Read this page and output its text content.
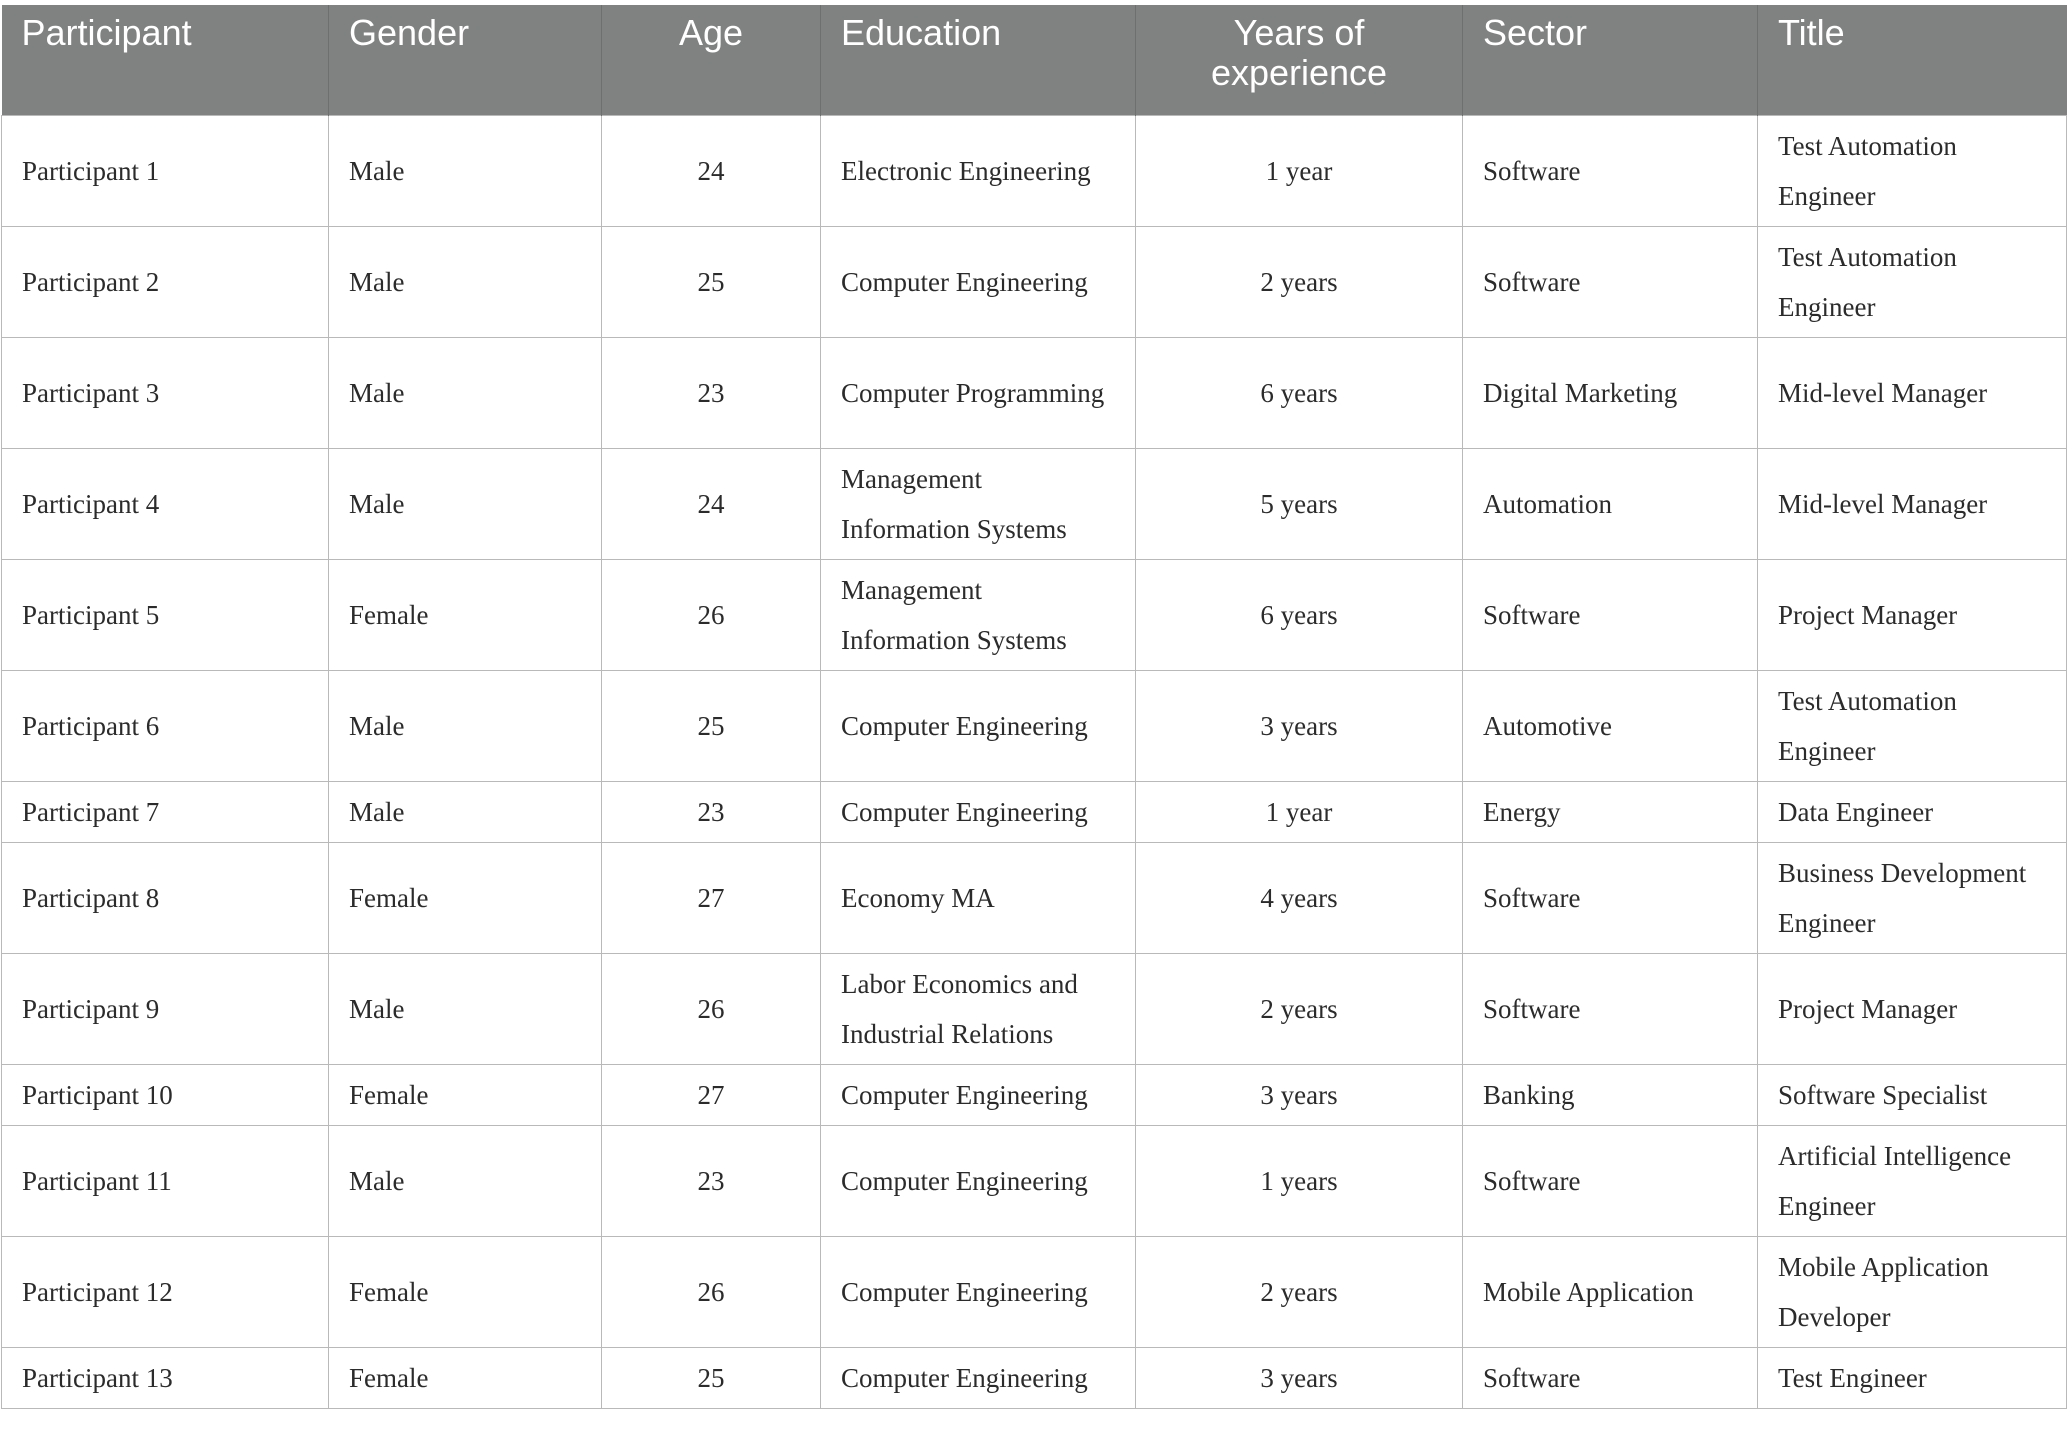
Participant	Gender	Age	Education	Years of experience	Sector	Title
Participant 1	Male	24	Electronic Engineering	1 year	Software	Test Automation Engineer
Participant 2	Male	25	Computer Engineering	2 years	Software	Test Automation Engineer
Participant 3	Male	23	Computer Programming	6 years	Digital Marketing	Mid-level Manager
Participant 4	Male	24	Management Information Systems	5 years	Automation	Mid-level Manager
Participant 5	Female	26	Management Information Systems	6 years	Software	Project Manager
Participant 6	Male	25	Computer Engineering	3 years	Automotive	Test Automation Engineer
Participant 7	Male	23	Computer Engineering	1 year	Energy	Data Engineer
Participant 8	Female	27	Economy MA	4 years	Software	Business Development Engineer
Participant 9	Male	26	Labor Economics and Industrial Relations	2 years	Software	Project Manager
Participant 10	Female	27	Computer Engineering	3 years	Banking	Software Specialist
Participant 11	Male	23	Computer Engineering	1 years	Software	Artificial Intelligence Engineer
Participant 12	Female	26	Computer Engineering	2 years	Mobile Application	Mobile Application Developer
Participant 13	Female	25	Computer Engineering	3 years	Software	Test Engineer
